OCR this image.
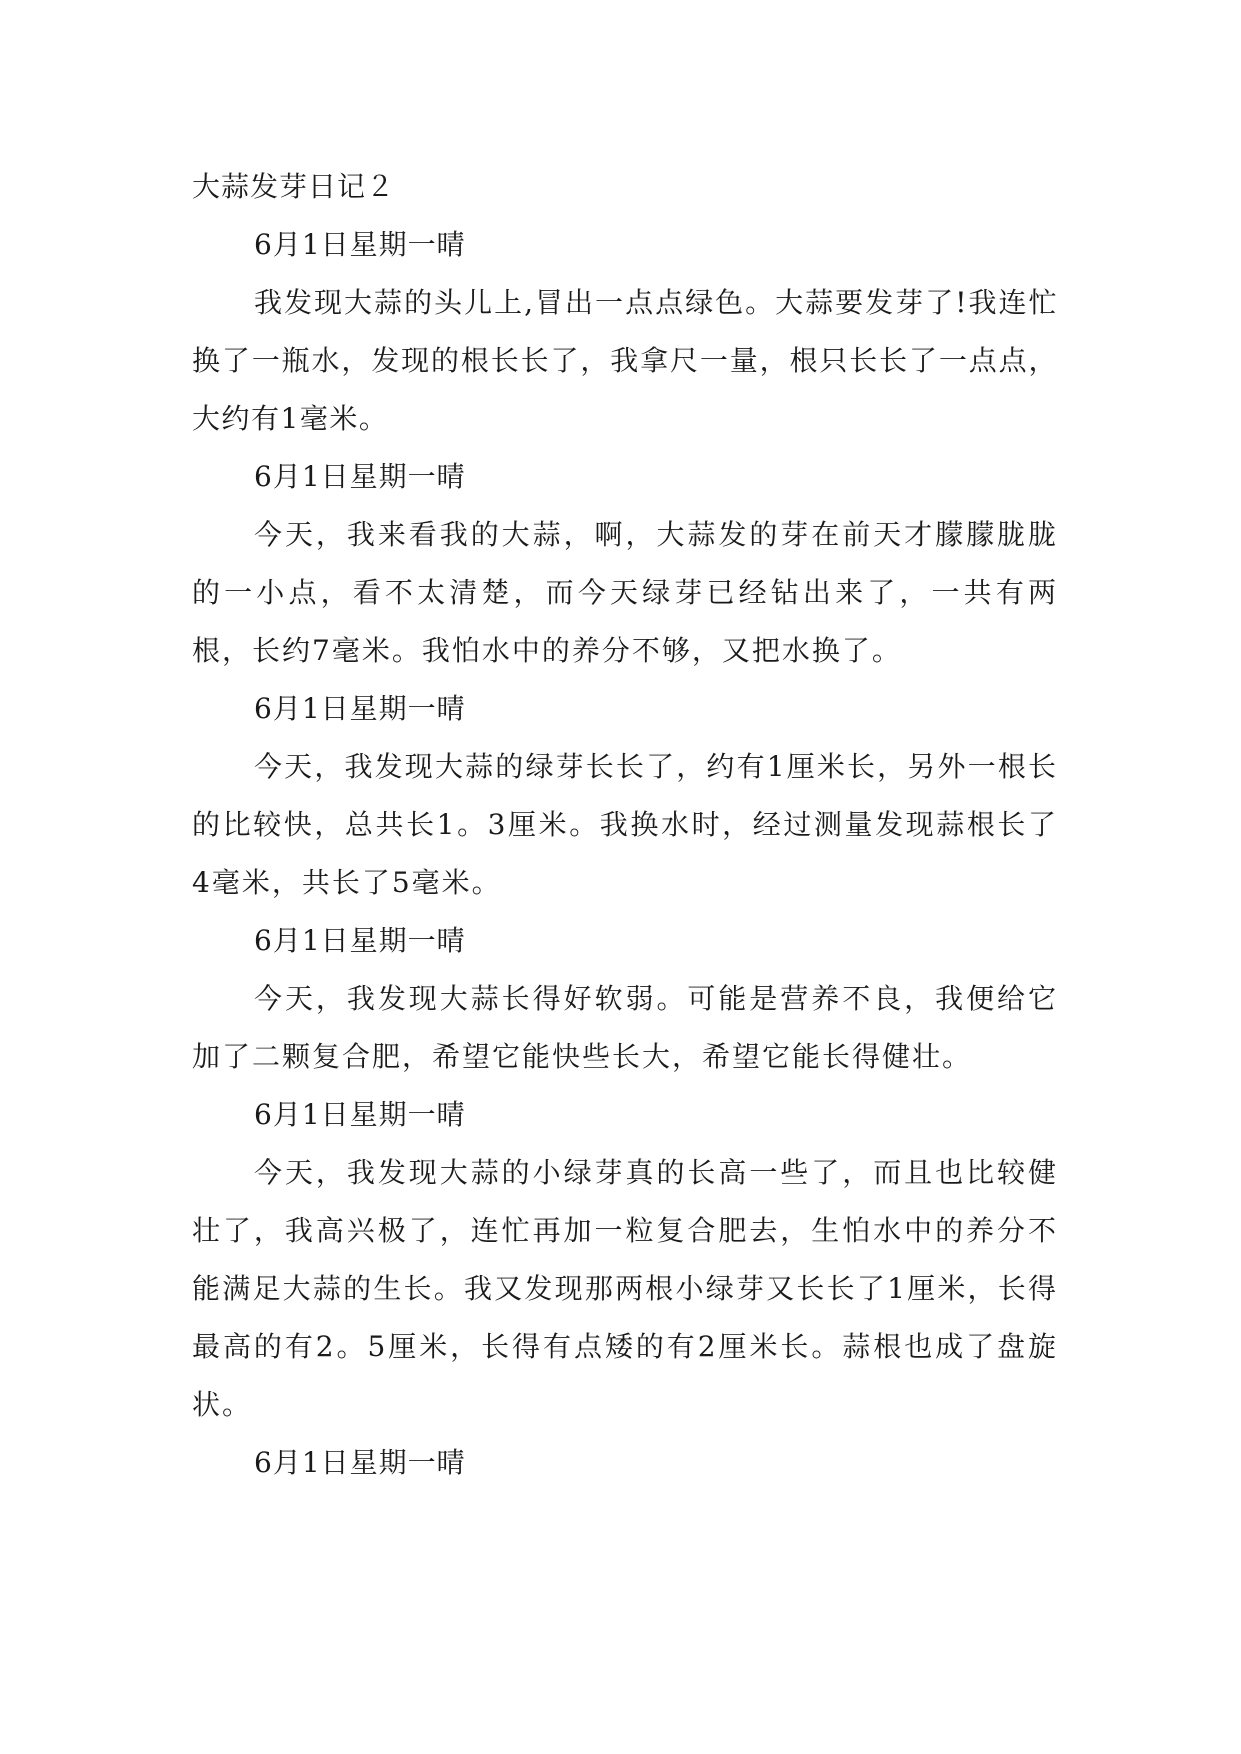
大蒜发芽日记２

6月1日星期一晴

我发现大蒜的头儿上,冒出一点点绿色。大蒜要发芽了!我连忙换了一瓶水，发现的根长长了，我拿尺一量，根只长长了一点点，大约有1毫米。

6月1日星期一晴

今天，我来看我的大蒜，啊，大蒜发的芽在前天才朦朦胧胧的一小点，看不太清楚，而今天绿芽已经钻出来了，一共有两根，长约7毫米。我怕水中的养分不够，又把水换了。

6月1日星期一晴

今天，我发现大蒜的绿芽长长了，约有1厘米长，另外一根长的比较快，总共长1。3厘米。我换水时，经过测量发现蒜根长了4毫米，共长了5毫米。

6月1日星期一晴

今天，我发现大蒜长得好软弱。可能是营养不良，我便给它加了二颗复合肥，希望它能快些长大，希望它能长得健壮。

6月1日星期一晴

今天，我发现大蒜的小绿芽真的长高一些了，而且也比较健壮了，我高兴极了，连忙再加一粒复合肥去，生怕水中的养分不能满足大蒜的生长。我又发现那两根小绿芽又长长了1厘米，长得最高的有2。5厘米，长得有点矮的有2厘米长。蒜根也成了盘旋状。

6月1日星期一晴
